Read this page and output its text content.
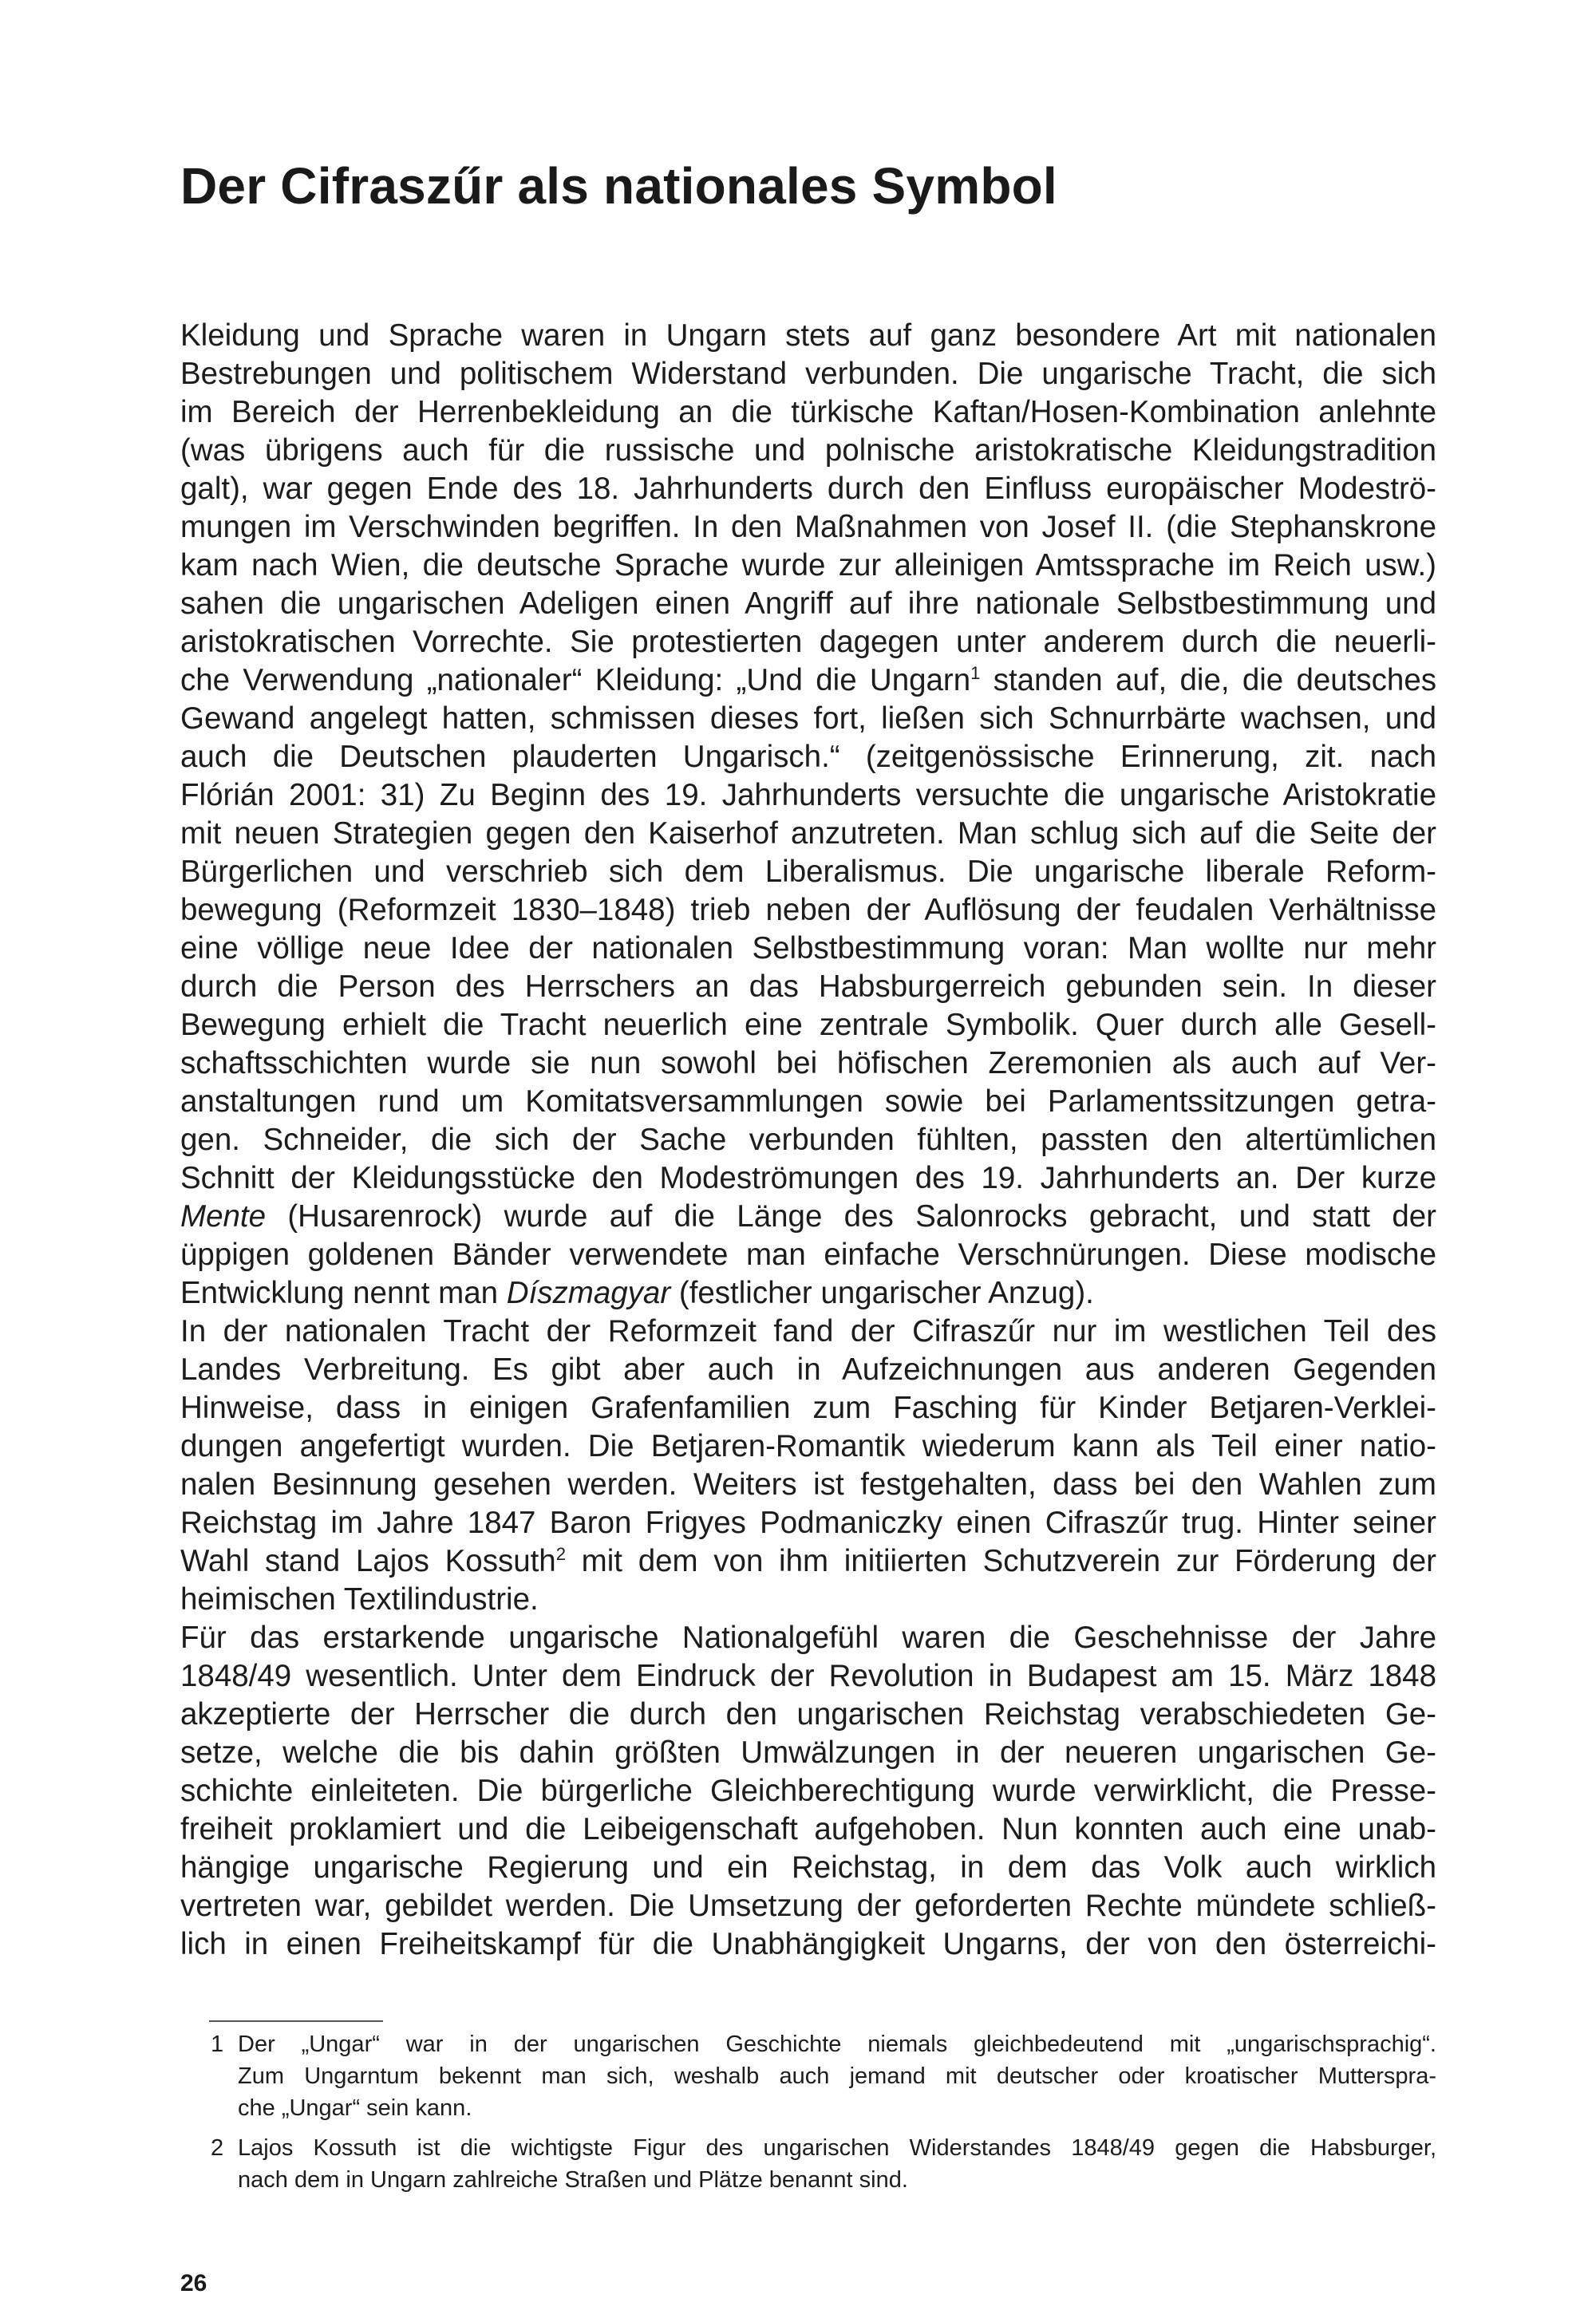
Der Cifraszűr als nationales Symbol
Kleidung und Sprache waren in Ungarn stets auf ganz besondere Art mit nationalen
Bestrebungen und politischem Widerstand verbunden. Die ungarische Tracht, die sich
im Bereich der Herrenbekleidung an die türkische Kaftan/Hosen-Kombination anlehnte
(was übrigens auch für die russische und polnische aristokratische Kleidungstradition
galt), war gegen Ende des 18. Jahrhunderts durch den Einfluss europäischer Modeströ-
mungen im Verschwinden begriffen. In den Maßnahmen von Josef II. (die Stephanskrone
kam nach Wien, die deutsche Sprache wurde zur alleinigen Amtssprache im Reich usw.)
sahen die ungarischen Adeligen einen Angriff auf ihre nationale Selbstbestimmung und
aristokratischen Vorrechte. Sie protestierten dagegen unter anderem durch die neuerli-
che Verwendung „nationaler“ Kleidung: „Und die Ungarn$^1$ standen auf, die, die deutsches
Gewand angelegt hatten, schmissen dieses fort, ließen sich Schnurrbärte wachsen, und
auch die Deutschen plauderten Ungarisch.“ (zeitgenössische Erinnerung, zit. nach
Flórián 2001: 31) Zu Beginn des 19. Jahrhunderts versuchte die ungarische Aristokratie
mit neuen Strategien gegen den Kaiserhof anzutreten. Man schlug sich auf die Seite der
Bürgerlichen und verschrieb sich dem Liberalismus. Die ungarische liberale Reform-
bewegung (Reformzeit 1830–1848) trieb neben der Auflösung der feudalen Verhältnisse
eine völlige neue Idee der nationalen Selbstbestimmung voran: Man wollte nur mehr
durch die Person des Herrschers an das Habsburgerreich gebunden sein. In dieser
Bewegung erhielt die Tracht neuerlich eine zentrale Symbolik. Quer durch alle Gesell-
schaftsschichten wurde sie nun sowohl bei höfischen Zeremonien als auch auf Ver-
anstaltungen rund um Komitatsversammlungen sowie bei Parlamentssitzungen getra-
gen. Schneider, die sich der Sache verbunden fühlten, passten den altertümlichen
Schnitt der Kleidungsstücke den Modeströmungen des 19. Jahrhunderts an. Der kurze
Mente (Husarenrock) wurde auf die Länge des Salonrocks gebracht, und statt der
üppigen goldenen Bänder verwendete man einfache Verschnürungen. Diese modische
Entwicklung nennt man Díszmagyar (festlicher ungarischer Anzug).
In der nationalen Tracht der Reformzeit fand der Cifraszűr nur im westlichen Teil des
Landes Verbreitung. Es gibt aber auch in Aufzeichnungen aus anderen Gegenden
Hinweise, dass in einigen Grafenfamilien zum Fasching für Kinder Betjaren-Verklei-
dungen angefertigt wurden. Die Betjaren-Romantik wiederum kann als Teil einer natio-
nalen Besinnung gesehen werden. Weiters ist festgehalten, dass bei den Wahlen zum
Reichstag im Jahre 1847 Baron Frigyes Podmaniczky einen Cifraszűr trug. Hinter seiner
Wahl stand Lajos Kossuth$^2$ mit dem von ihm initiierten Schutzverein zur Förderung der
heimischen Textilindustrie.
Für das erstarkende ungarische Nationalgefühl waren die Geschehnisse der Jahre
1848/49 wesentlich. Unter dem Eindruck der Revolution in Budapest am 15. März 1848
akzeptierte der Herrscher die durch den ungarischen Reichstag verabschiedeten Ge-
setze, welche die bis dahin größten Umwälzungen in der neueren ungarischen Ge-
schichte einleiteten. Die bürgerliche Gleichberechtigung wurde verwirklicht, die Presse-
freiheit proklamiert und die Leibeigenschaft aufgehoben. Nun konnten auch eine unab-
hängige ungarische Regierung und ein Reichstag, in dem das Volk auch wirklich
vertreten war, gebildet werden. Die Umsetzung der geforderten Rechte mündete schließ-
lich in einen Freiheitskampf für die Unabhängigkeit Ungarns, der von den österreichi-
1 Der „Ungar“ war in der ungarischen Geschichte niemals gleichbedeutend mit „ungarischsprachig“.
Zum Ungarntum bekennt man sich, weshalb auch jemand mit deutscher oder kroatischer Mutterspra-
che „Ungar“ sein kann.
2 Lajos Kossuth ist die wichtigste Figur des ungarischen Widerstandes 1848/49 gegen die Habsburger,
nach dem in Ungarn zahlreiche Straßen und Plätze benannt sind.
26
